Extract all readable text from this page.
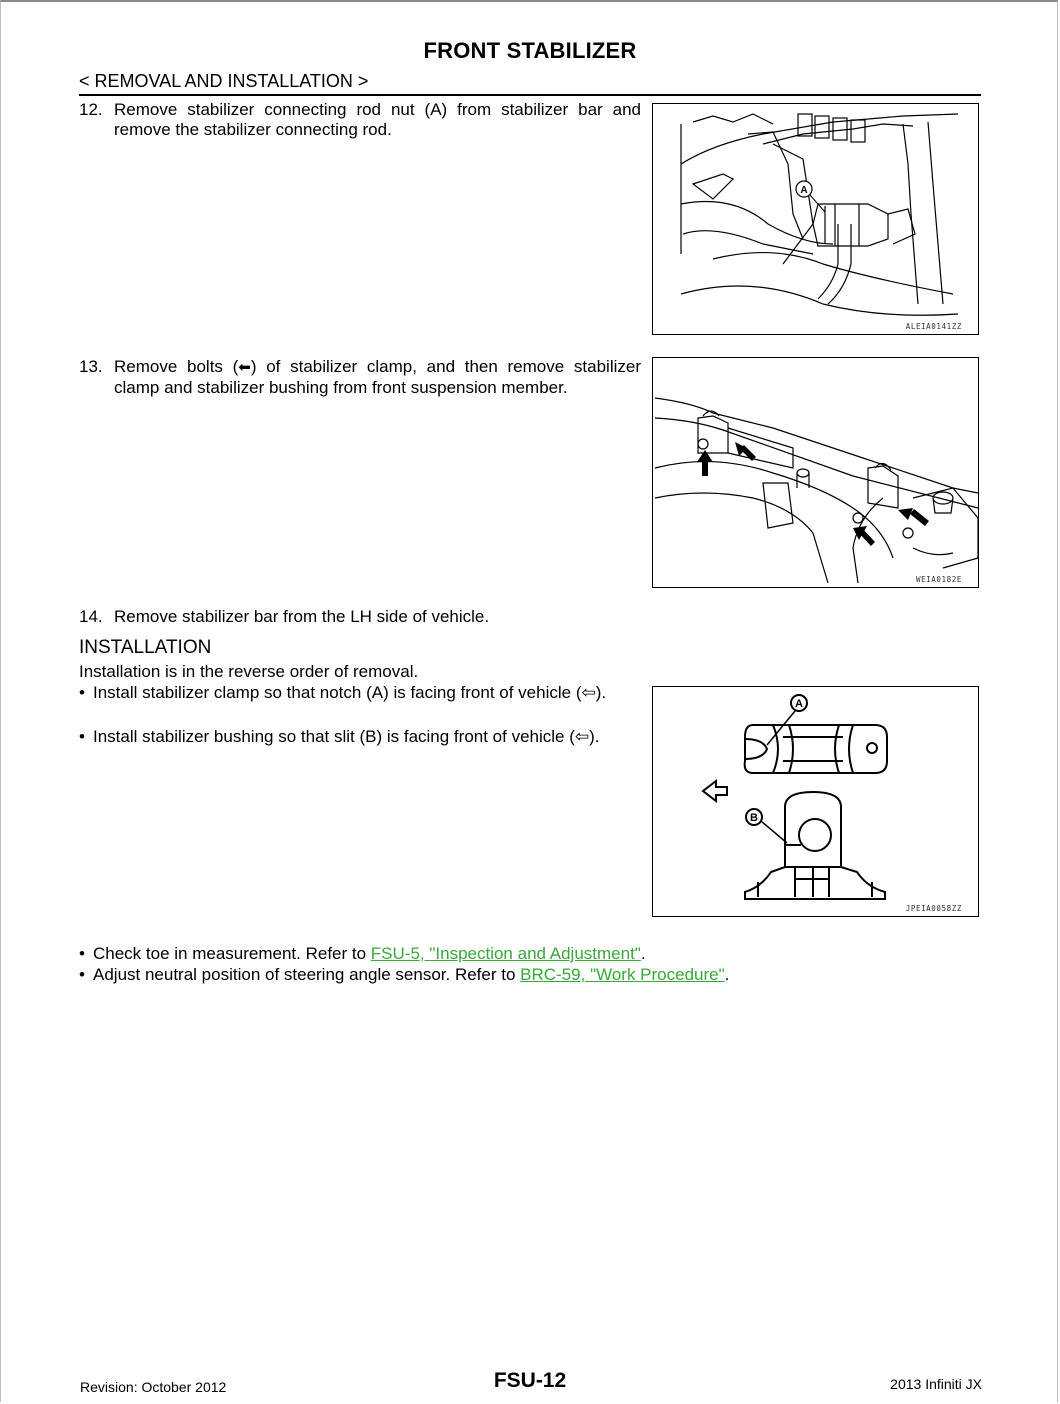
FRONT STABILIZER
< REMOVAL AND INSTALLATION >
12. Remove stabilizer connecting rod nut (A) from stabilizer bar and remove the stabilizer connecting rod.
A
ALEIA0141ZZ
13. Remove bolts (⬅) of stabilizer clamp, and then remove stabilizer clamp and stabilizer bushing from front suspension member.
WEIA0182E
14. Remove stabilizer bar from the LH side of vehicle.
INSTALLATION
Installation is in the reverse order of removal.
• Install stabilizer clamp so that notch (A) is facing front of vehicle (⇦).
• Install stabilizer bushing so that slit (B) is facing front of vehicle (⇦).
A
B
JPEIA0058ZZ
• Check toe in measurement. Refer to FSU-5, "Inspection and Adjustment".
• Adjust neutral position of steering angle sensor. Refer to BRC-59, "Work Procedure".
Revision: October 2012	FSU-12	2013 Infiniti JX
